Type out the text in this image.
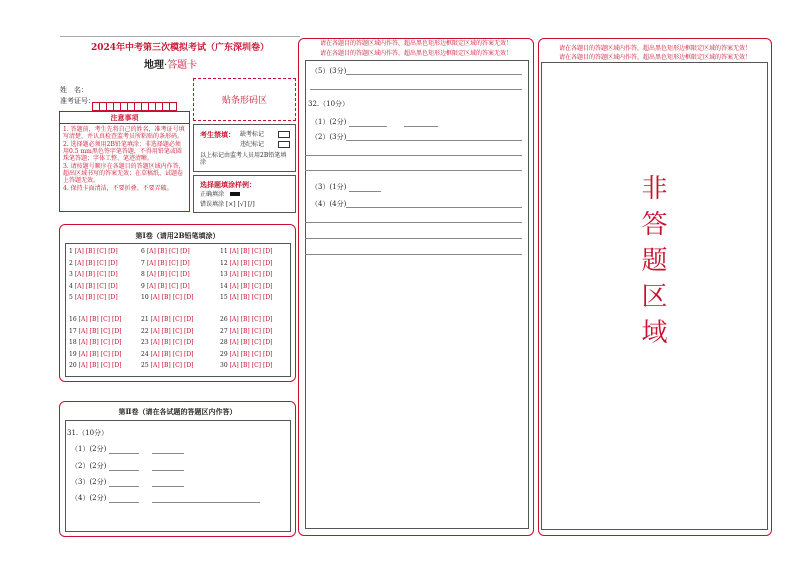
2024年中考第三次模拟考试（广东深圳卷）
地理·答题卡
姓　名：
准考证号：	贴条形码区
注意事项
1. 答题前，考生先将自己的姓名，准考证号填写清楚，并认真检查监考员所粘贴的条形码。
2. 选择题必须用2B铅笔填涂；非选择题必须用0.5 mm黑色签字笔答题，不得用铅笔或圆珠笔答题；字体工整、笔迹清晰。
3. 请按题号顺序在各题目的答题区域内作答，超出区域书写的答案无效；在草稿纸、试题卷上答题无效。
4. 保持卡面清洁，不要折叠、不要弄破。
考生禁填： 缺考标记
违纪标记
以上标记由监考人员用2B铅笔填涂
选择题填涂样例：
正确填涂
错误填涂 [×] [√] [/]
第Ⅰ卷（请用2B铅笔填涂）
1 [A] [B] [C] [D]
2 [A] [B] [C] [D]
3 [A] [B] [C] [D]
4 [A] [B] [C] [D]
5 [A] [B] [C] [D]
6 [A] [B] [C] [D]
7 [A] [B] [C] [D]
8 [A] [B] [C] [D]
9 [A] [B] [C] [D]
10 [A] [B] [C] [D]
11 [A] [B] [C] [D]
12 [A] [B] [C] [D]
13 [A] [B] [C] [D]
14 [A] [B] [C] [D]
15 [A] [B] [C] [D]
16 [A] [B] [C] [D]
17 [A] [B] [C] [D]
18 [A] [B] [C] [D]
19 [A] [B] [C] [D]
20 [A] [B] [C] [D]
21 [A] [B] [C] [D]
22 [A] [B] [C] [D]
23 [A] [B] [C] [D]
24 [A] [B] [C] [D]
25 [A] [B] [C] [D]
26 [A] [B] [C] [D]
27 [A] [B] [C] [D]
28 [A] [B] [C] [D]
29 [A] [B] [C] [D]
30 [A] [B] [C] [D]
第Ⅱ卷（请在各试题的答题区内作答）
31.（10分）
（1）(2分)
（2）(2分)
（3）(2分)
（4）(2分)
请在各题目的答题区域内作答，超出黑色矩形边框限定区域的答案无效！
请在各题目的答题区域内作答，超出黑色矩形边框限定区域的答案无效！
（5）(3分)
32.（10分）
（1）(2分)
（2）(3分)
（3）(1分)
（4）(4分)
请在各题目的答题区域内作答，超出黑色矩形边框限定区域的答案无效！
请在各题目的答题区域内作答，超出黑色矩形边框限定区域的答案无效！
非
答
题
区
域
